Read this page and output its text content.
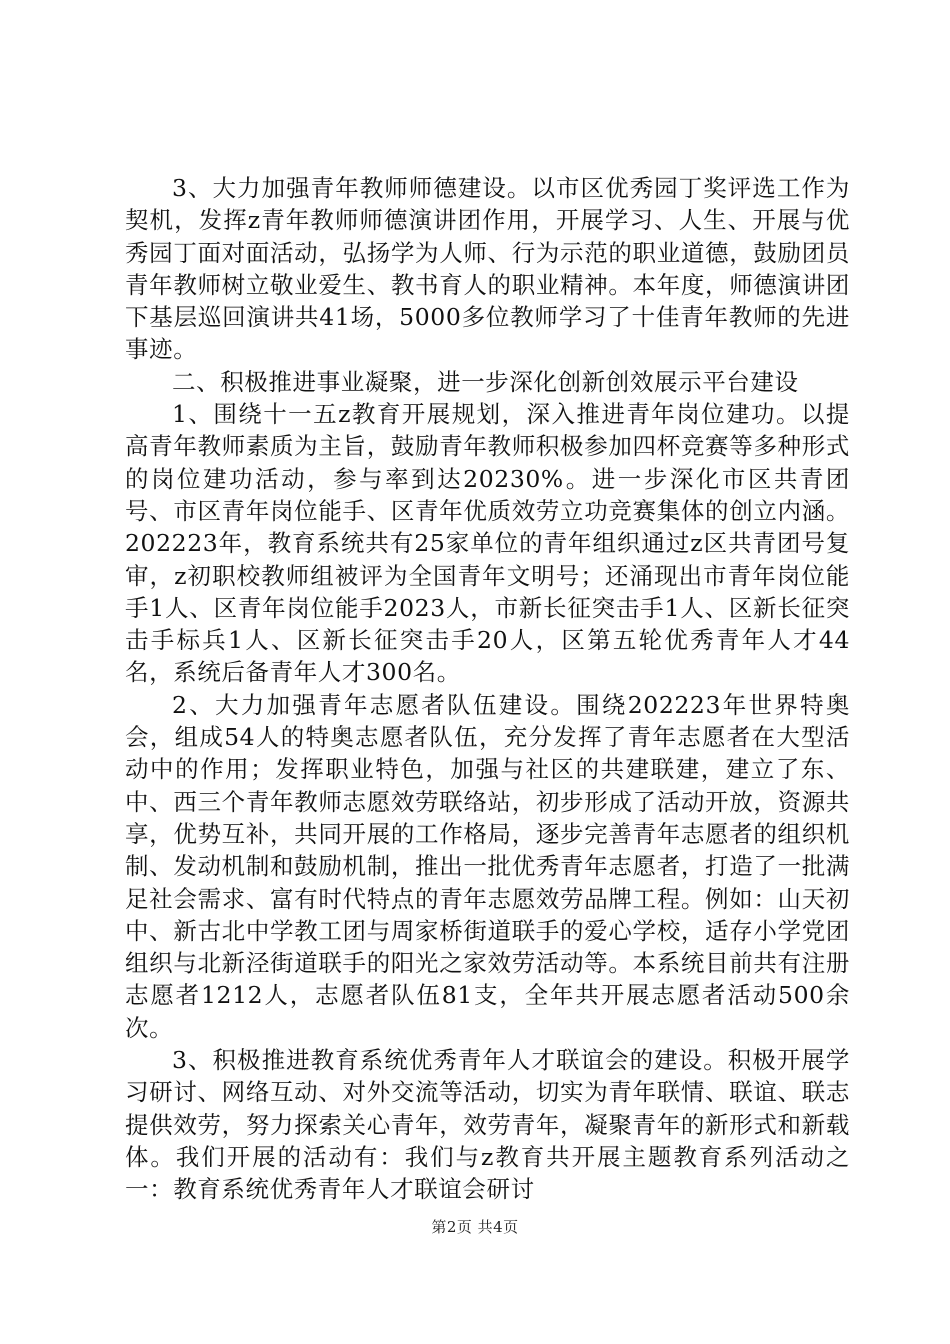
3、大力加强青年教师师德建设。以市区优秀园丁奖评选工作为契机，发挥z青年教师师德演讲团作用，开展学习、人生、开展与优秀园丁面对面活动，弘扬学为人师、行为示范的职业道德，鼓励团员青年教师树立敬业爱生、教书育人的职业精神。本年度，师德演讲团下基层巡回演讲共41场，5000多位教师学习了十佳青年教师的先进事迹。

二、积极推进事业凝聚，进一步深化创新创效展示平台建设

1、围绕十一五z教育开展规划，深入推进青年岗位建功。以提高青年教师素质为主旨，鼓励青年教师积极参加四杯竞赛等多种形式的岗位建功活动，参与率到达20230%。进一步深化市区共青团号、市区青年岗位能手、区青年优质效劳立功竞赛集体的创立内涵。202223年，教育系统共有25家单位的青年组织通过z区共青团号复审，z初职校教师组被评为全国青年文明号；还涌现出市青年岗位能手1人、区青年岗位能手2023人，市新长征突击手1人、区新长征突击手标兵1人、区新长征突击手20人，区第五轮优秀青年人才44名，系统后备青年人才300名。

2、大力加强青年志愿者队伍建设。围绕202223年世界特奥会，组成54人的特奥志愿者队伍，充分发挥了青年志愿者在大型活动中的作用；发挥职业特色，加强与社区的共建联建，建立了东、中、西三个青年教师志愿效劳联络站，初步形成了活动开放，资源共享，优势互补，共同开展的工作格局，逐步完善青年志愿者的组织机制、发动机制和鼓励机制，推出一批优秀青年志愿者，打造了一批满足社会需求、富有时代特点的青年志愿效劳品牌工程。例如：山天初中、新古北中学教工团与周家桥街道联手的爱心学校，适存小学党团组织与北新泾街道联手的阳光之家效劳活动等。本系统目前共有注册志愿者1212人，志愿者队伍81支，全年共开展志愿者活动500余次。

3、积极推进教育系统优秀青年人才联谊会的建设。积极开展学习研讨、网络互动、对外交流等活动，切实为青年联情、联谊、联志提供效劳，努力探索关心青年，效劳青年，凝聚青年的新形式和新载体。我们开展的活动有：我们与z教育共开展主题教育系列活动之一：教育系统优秀青年人才联谊会研讨

第2页 共4页
